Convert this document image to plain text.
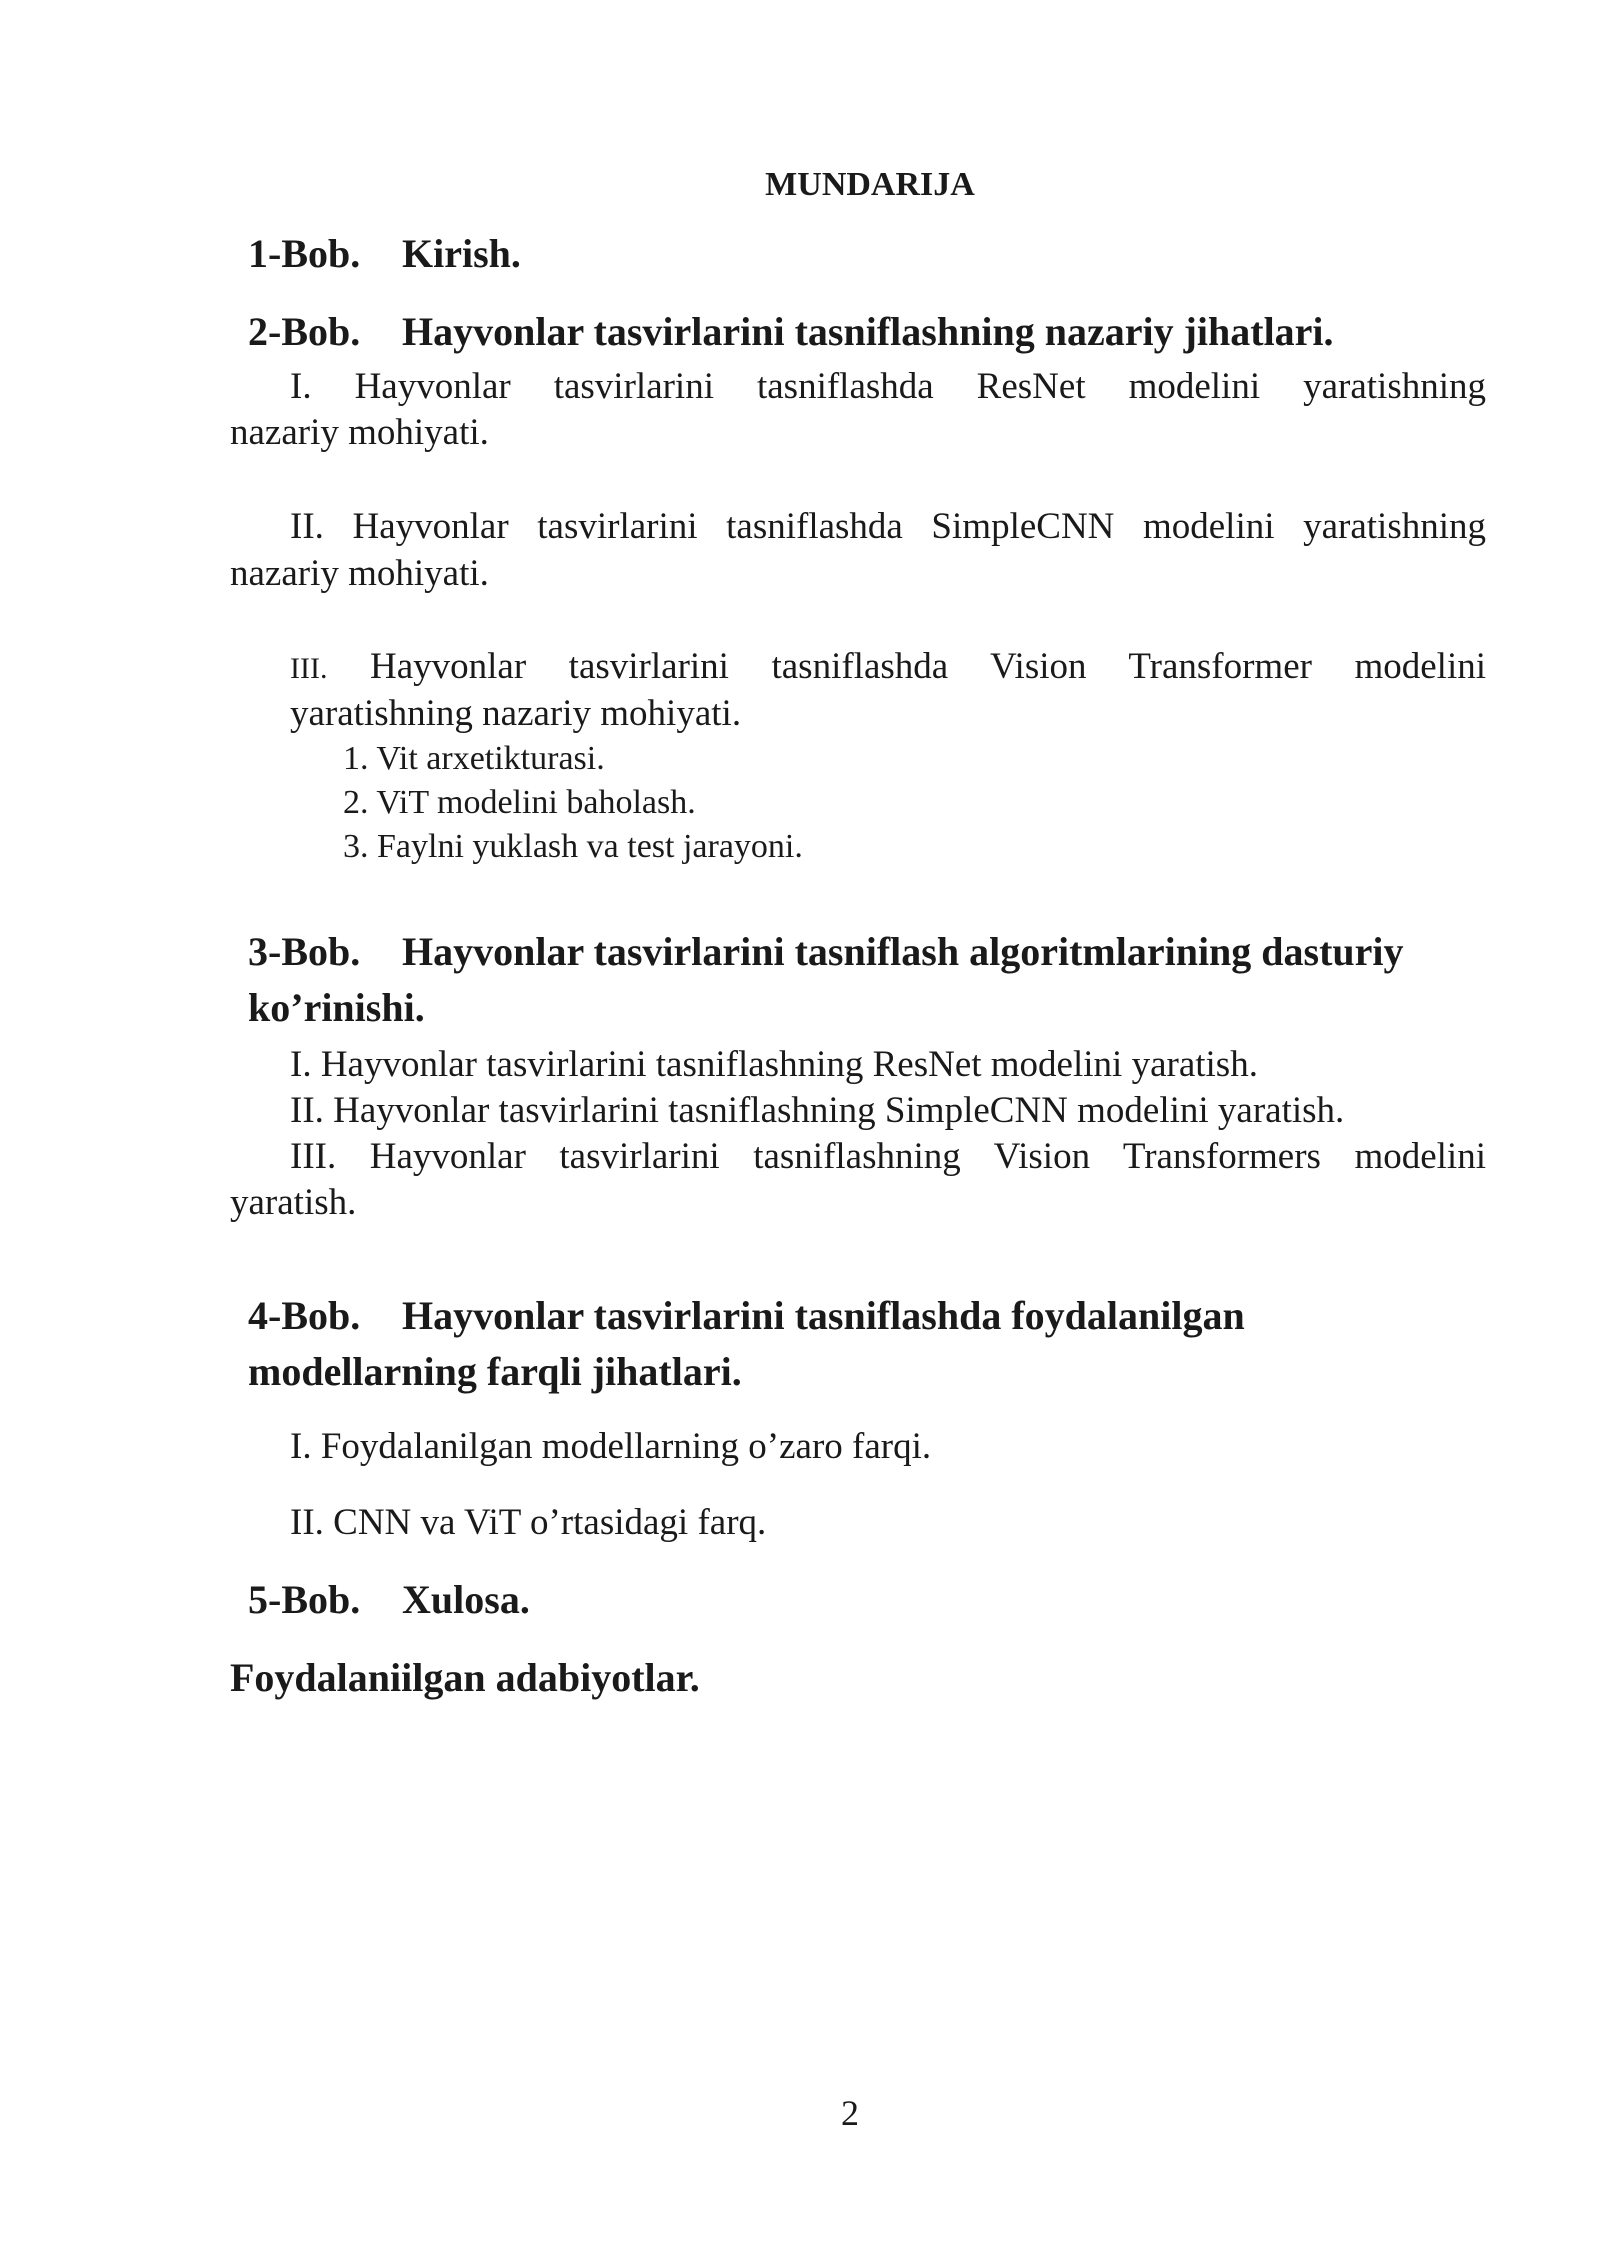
MUNDARIJA
1-Bob. Kirish.
2-Bob. Hayvonlar tasvirlarini tasniflashning nazariy jihatlari.
I. Hayvonlar tasvirlarini tasniflashda ResNet modelini yaratishning
nazariy mohiyati.
II. Hayvonlar tasvirlarini tasniflashda SimpleCNN modelini yaratishning
nazariy mohiyati.
III. Hayvonlar tasvirlarini tasniflashda Vision Transformer modelini
yaratishning nazariy mohiyati.
1. Vit arxetikturasi.
2. ViT modelini baholash.
3. Faylni yuklash va test jarayoni.
3-Bob. Hayvonlar tasvirlarini tasniflash algoritmlarining dasturiy
ko’rinishi.
I. Hayvonlar tasvirlarini tasniflashning ResNet modelini yaratish.
II. Hayvonlar tasvirlarini tasniflashning SimpleCNN modelini yaratish.
III. Hayvonlar tasvirlarini tasniflashning Vision Transformers modelini
yaratish.
4-Bob. Hayvonlar tasvirlarini tasniflashda foydalanilgan
modellarning farqli jihatlari.
I. Foydalanilgan modellarning o’zaro farqi.
II. CNN va ViT o’rtasidagi farq.
5-Bob. Xulosa.
Foydalaniilgan adabiyotlar.
2
